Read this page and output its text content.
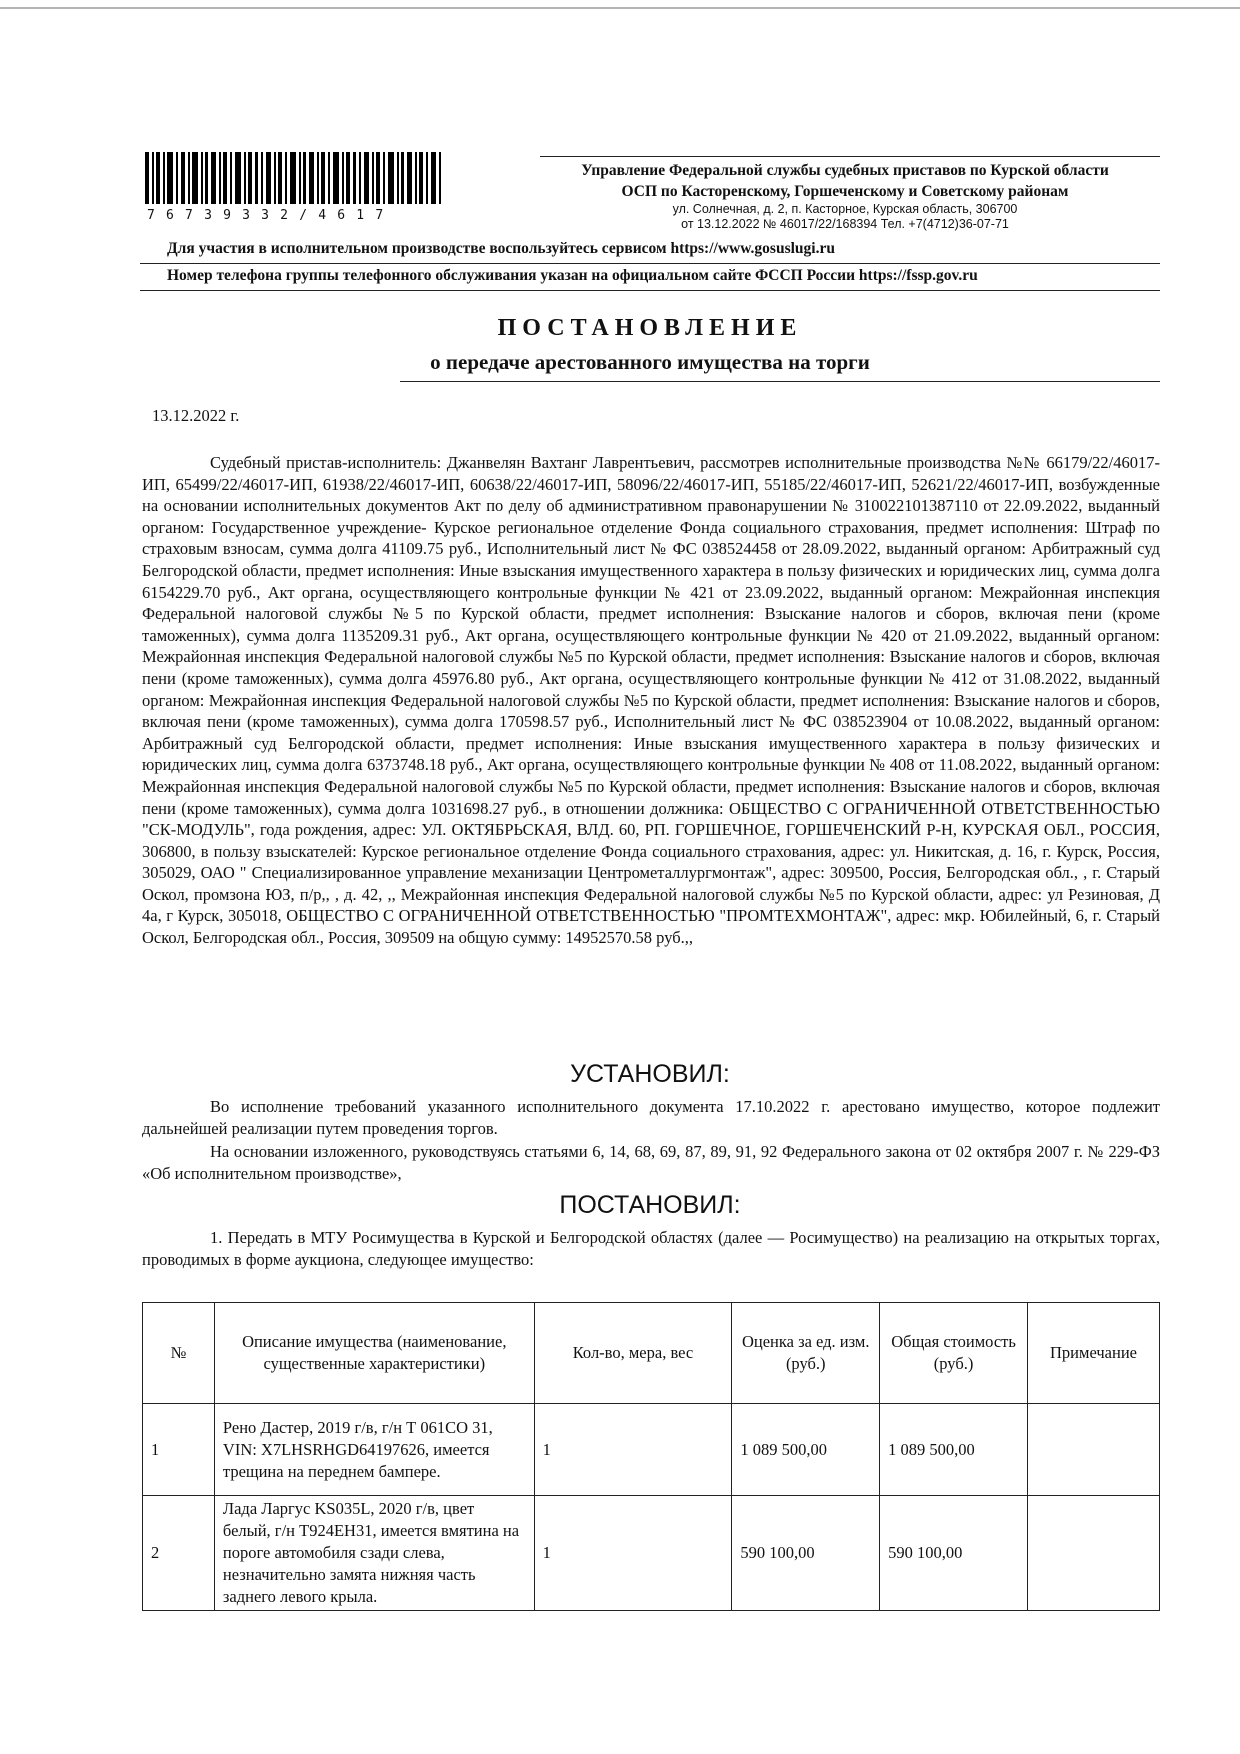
76739332/4617
Управление Федеральной службы судебных приставов по Курской области
ОСП по Касторенскому, Горшеченскому и Советскому районам
ул. Солнечная, д. 2, п. Касторное, Курская область, 306700
от 13.12.2022 № 46017/22/168394 Тел. +7(4712)36-07-71
Для участия в исполнительном производстве воспользуйтесь сервисом https://www.gosuslugi.ru
Номер телефона группы телефонного обслуживания указан на официальном сайте ФССП России https://fssp.gov.ru
ПОСТАНОВЛЕНИЕ
о передаче арестованного имущества на торги
13.12.2022 г.

Судебный пристав-исполнитель: Джанвелян Вахтанг Лаврентьевич, рассмотрев исполнительные производства №№ 66179/22/46017-ИП, 65499/22/46017-ИП, 61938/22/46017-ИП, 60638/22/46017-ИП, 58096/22/46017-ИП, 55185/22/46017-ИП, 52621/22/46017-ИП, возбужденные на основании исполнительных документов Акт по делу об административном правонарушении № 310022101387110 от 22.09.2022, выданный органом: Государственное учреждение- Курское региональное отделение Фонда социального страхования, предмет исполнения: Штраф по страховым взносам, сумма долга 41109.75 руб., Исполнительный лист № ФС 038524458 от 28.09.2022, выданный органом: Арбитражный суд Белгородской области, предмет исполнения: Иные взыскания имущественного характера в пользу физических и юридических лиц, сумма долга 6154229.70 руб., Акт органа, осуществляющего контрольные функции № 421 от 23.09.2022, выданный органом: Межрайонная инспекция Федеральной налоговой службы №5 по Курской области, предмет исполнения: Взыскание налогов и сборов, включая пени (кроме таможенных), сумма долга 1135209.31 руб., Акт органа, осуществляющего контрольные функции № 420 от 21.09.2022, выданный органом: Межрайонная инспекция Федеральной налоговой службы №5 по Курской области, предмет исполнения: Взыскание налогов и сборов, включая пени (кроме таможенных), сумма долга 45976.80 руб., Акт органа, осуществляющего контрольные функции № 412 от 31.08.2022, выданный органом: Межрайонная инспекция Федеральной налоговой службы №5 по Курской области, предмет исполнения: Взыскание налогов и сборов, включая пени (кроме таможенных), сумма долга 170598.57 руб., Исполнительный лист № ФС 038523904 от 10.08.2022, выданный органом: Арбитражный суд Белгородской области, предмет исполнения: Иные взыскания имущественного характера в пользу физических и юридических лиц, сумма долга 6373748.18 руб., Акт органа, осуществляющего контрольные функции № 408 от 11.08.2022, выданный органом: Межрайонная инспекция Федеральной налоговой службы №5 по Курской области, предмет исполнения: Взыскание налогов и сборов, включая пени (кроме таможенных), сумма долга 1031698.27 руб., в отношении должника: ОБЩЕСТВО С ОГРАНИЧЕННОЙ ОТВЕТСТВЕННОСТЬЮ "СК-МОДУЛЬ", года рождения, адрес: УЛ. ОКТЯБРЬСКАЯ, ВЛД. 60, РП. ГОРШЕЧНОЕ, ГОРШЕЧЕНСКИЙ Р-Н, КУРСКАЯ ОБЛ., РОССИЯ, 306800, в пользу взыскателей: Курское региональное отделение Фонда социального страхования, адрес: ул. Никитская, д. 16, г. Курск, Россия, 305029, ОАО " Специализированное управление механизации Центрометаллургмонтаж", адрес: 309500, Россия, Белгородская обл., , г. Старый Оскол, промзона ЮЗ, п/р,, , д. 42, ,, Межрайонная инспекция Федеральной налоговой службы №5 по Курской области, адрес: ул Резиновая, Д 4а, г Курск, 305018, ОБЩЕСТВО С ОГРАНИЧЕННОЙ ОТВЕТСТВЕННОСТЬЮ "ПРОМТЕХМОНТАЖ", адрес: мкр. Юбилейный, 6, г. Старый Оскол, Белгородская обл., Россия, 309509 на общую сумму: 14952570.58 руб.,,

УСТАНОВИЛ:

Во исполнение требований указанного исполнительного документа 17.10.2022 г. арестовано имущество, которое подлежит дальнейшей реализации путем проведения торгов.

На основании изложенного, руководствуясь статьями 6, 14, 68, 69, 87, 89, 91, 92 Федерального закона от 02 октября 2007 г. № 229-ФЗ «Об исполнительном производстве»,

ПОСТАНОВИЛ:

1. Передать в МТУ Росимущества в Курской и Белгородской областях (далее — Росимущество) на реализацию на открытых торгах, проводимых в форме аукциона, следующее имущество:

№	Описание имущества (наименование, существенные характеристики)	Кол-во, мера, вес	Оценка за ед. изм. (руб.)	Общая стоимость (руб.)	Примечание
1	Рено Дастер, 2019 г/в, г/н Т 061СО 31, VIN: X7LHSRHGD64197626, имеется трещина на переднем бампере.	1	1 089 500,00	1 089 500,00	
2	Лада Ларгус KS035L, 2020 г/в, цвет белый, г/н Т924ЕН31, имеется вмятина на пороге автомобиля сзади слева, незначительно замята нижняя часть заднего левого крыла.	1	590 100,00	590 100,00	
